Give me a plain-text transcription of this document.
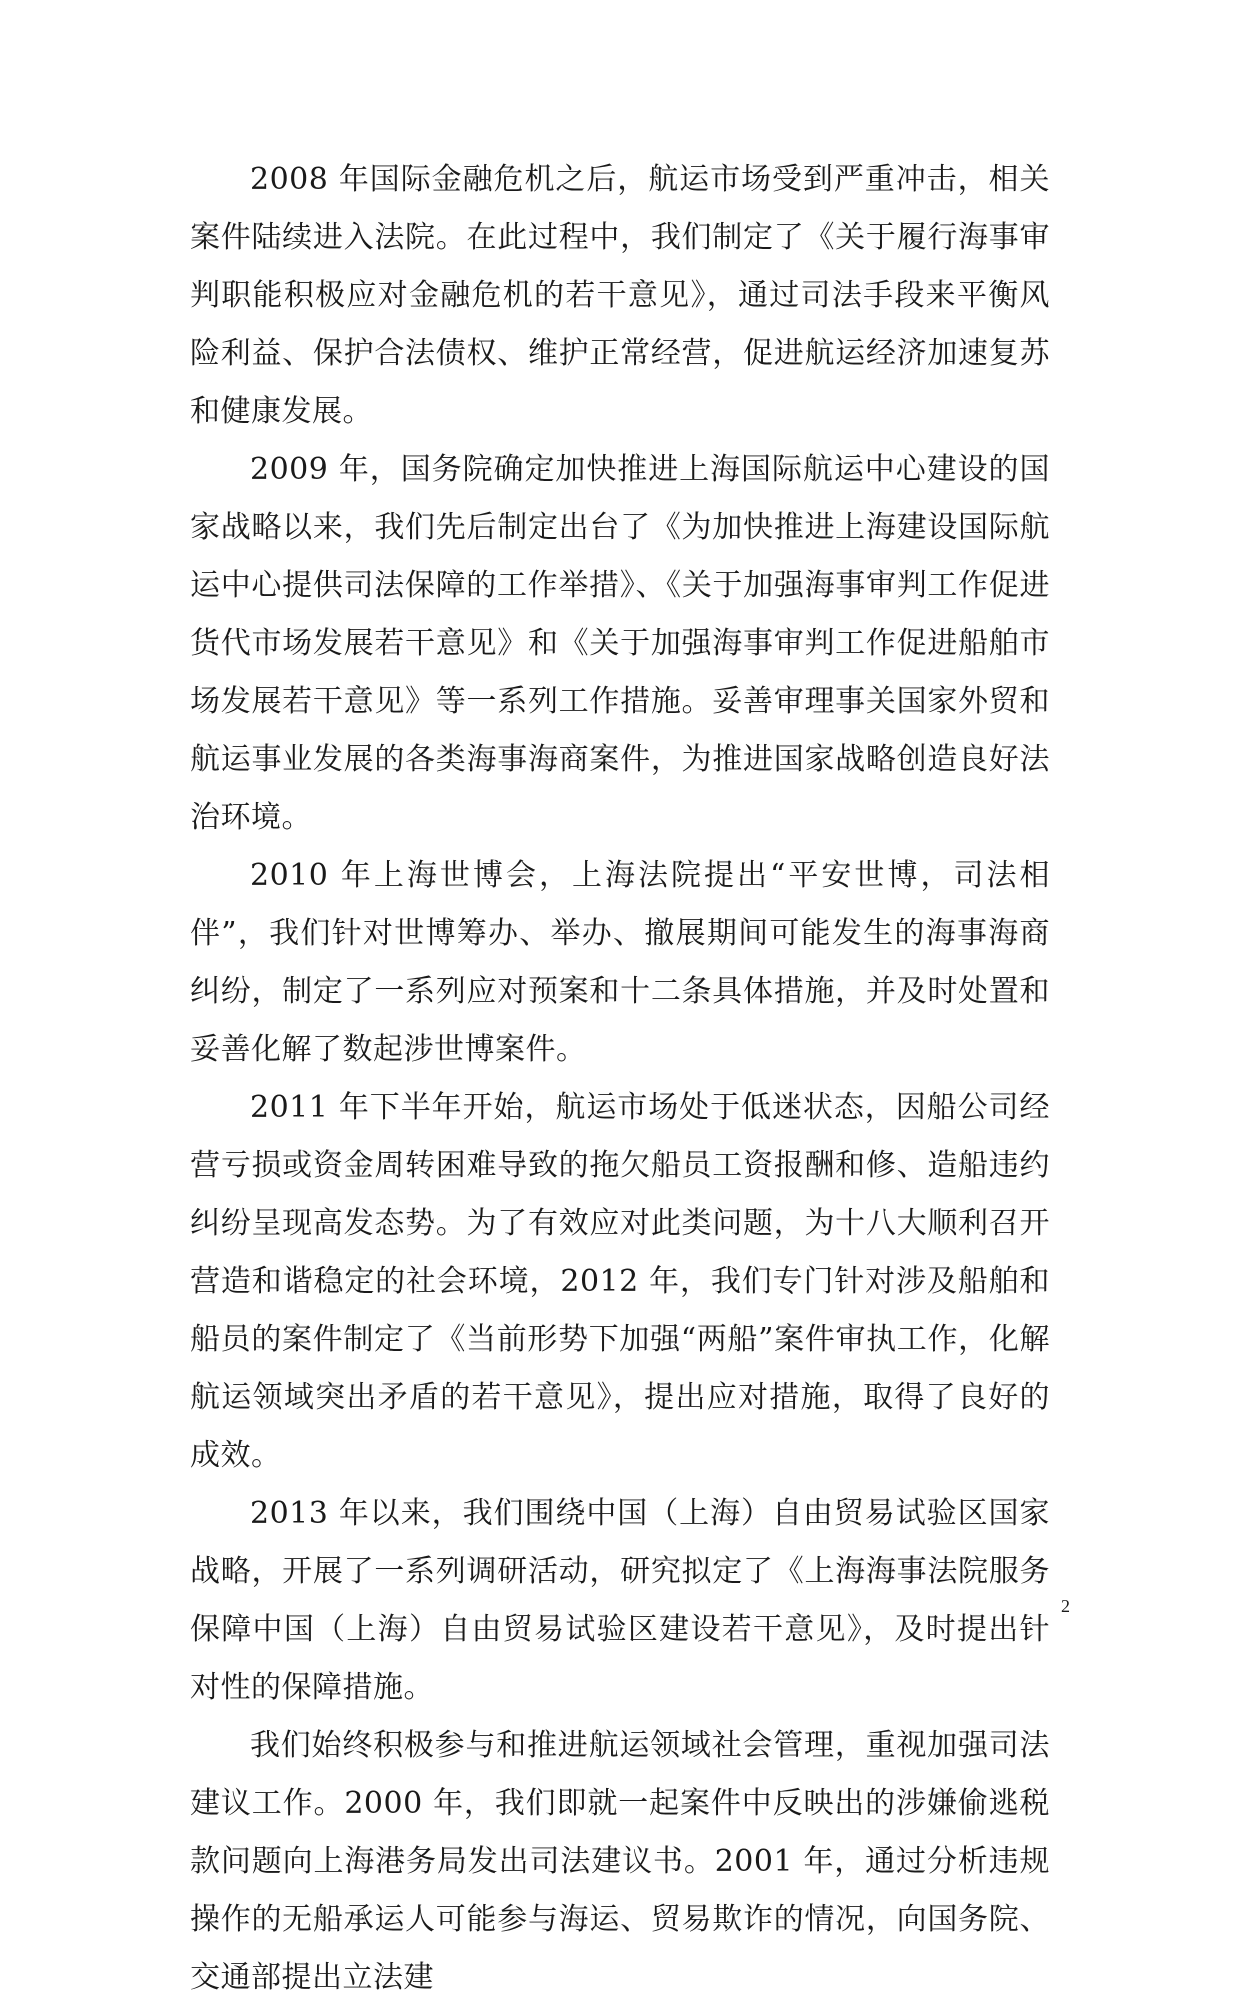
2008 年国际金融危机之后，航运市场受到严重冲击，相关案件陆续进入法院。在此过程中，我们制定了《关于履行海事审判职能积极应对金融危机的若干意见》，通过司法手段来平衡风险利益、保护合法债权、维护正常经营，促进航运经济加速复苏和健康发展。

2009 年，国务院确定加快推进上海国际航运中心建设的国家战略以来，我们先后制定出台了《为加快推进上海建设国际航运中心提供司法保障的工作举措》、《关于加强海事审判工作促进货代市场发展若干意见》和《关于加强海事审判工作促进船舶市场发展若干意见》等一系列工作措施。妥善审理事关国家外贸和航运事业发展的各类海事海商案件，为推进国家战略创造良好法治环境。

2010 年上海世博会，上海法院提出“平安世博，司法相伴”，我们针对世博筹办、举办、撤展期间可能发生的海事海商纠纷，制定了一系列应对预案和十二条具体措施，并及时处置和妥善化解了数起涉世博案件。

2011 年下半年开始，航运市场处于低迷状态，因船公司经营亏损或资金周转困难导致的拖欠船员工资报酬和修、造船违约纠纷呈现高发态势。为了有效应对此类问题，为十八大顺利召开营造和谐稳定的社会环境，2012 年，我们专门针对涉及船舶和船员的案件制定了《当前形势下加强“两船”案件审执工作，化解航运领域突出矛盾的若干意见》，提出应对措施，取得了良好的成效。

2013 年以来，我们围绕中国（上海）自由贸易试验区国家战略，开展了一系列调研活动，研究拟定了《上海海事法院服务保障中国（上海）自由贸易试验区建设若干意见》，及时提出针对性的保障措施。

我们始终积极参与和推进航运领域社会管理，重视加强司法建议工作。2000 年，我们即就一起案件中反映出的涉嫌偷逃税款问题向上海港务局发出司法建议书。2001 年，通过分析违规操作的无船承运人可能参与海运、贸易欺诈的情况，向国务院、交通部提出立法建

2
